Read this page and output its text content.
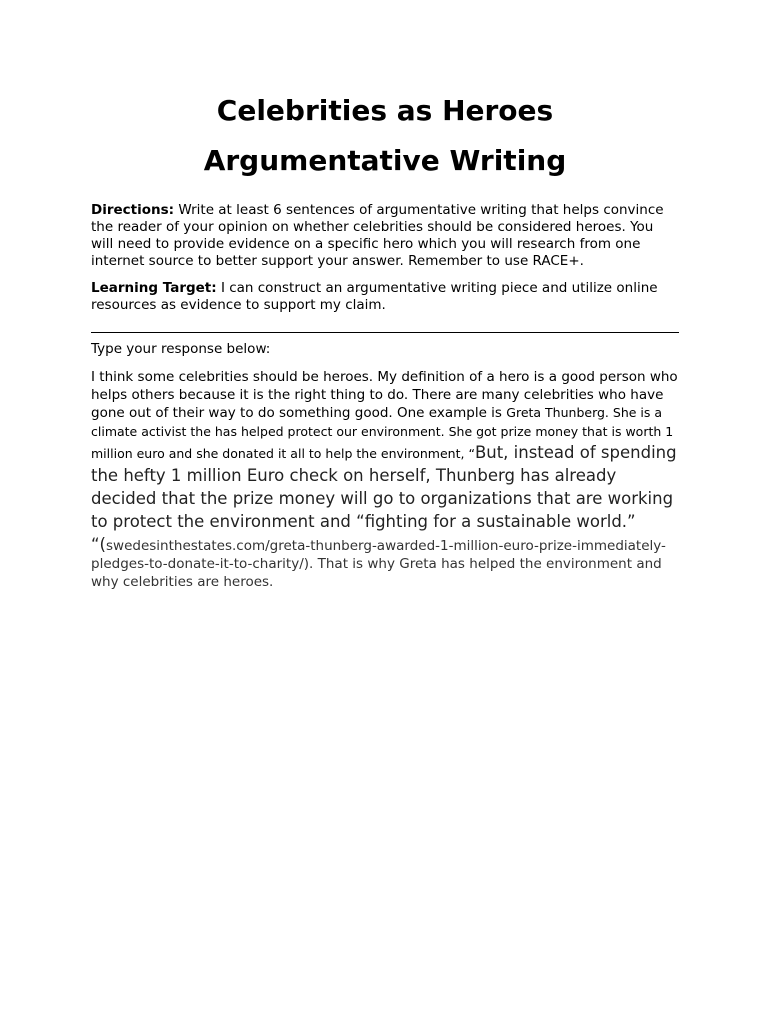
Celebrities as Heroes
Argumentative Writing

Directions: Write at least 6 sentences of argumentative writing that helps convince the reader of your opinion on whether celebrities should be considered heroes. You will need to provide evidence on a specific hero which you will research from one internet source to better support your answer. Remember to use RACE+.

Learning Target: I can construct an argumentative writing piece and utilize online resources as evidence to support my claim.

Type your response below:

I think some celebrities should be heroes. My definition of a hero is a good person who helps others because it is the right thing to do. There are many celebrities who have gone out of their way to do something good. One example is Greta Thunberg. She is a climate activist the has helped protect our environment. She got prize money that is worth 1 million euro and she donated it all to help the environment, “But, instead of spending the hefty 1 million Euro check on herself, Thunberg has already decided that the prize money will go to organizations that are working to protect the environment and “fighting for a sustainable world.” “(swedesinthestates.com/greta-thunberg-awarded-1-million-euro-prize-immediately-pledges-to-donate-it-to-charity/). That is why Greta has helped the environment and why celebrities are heroes.
